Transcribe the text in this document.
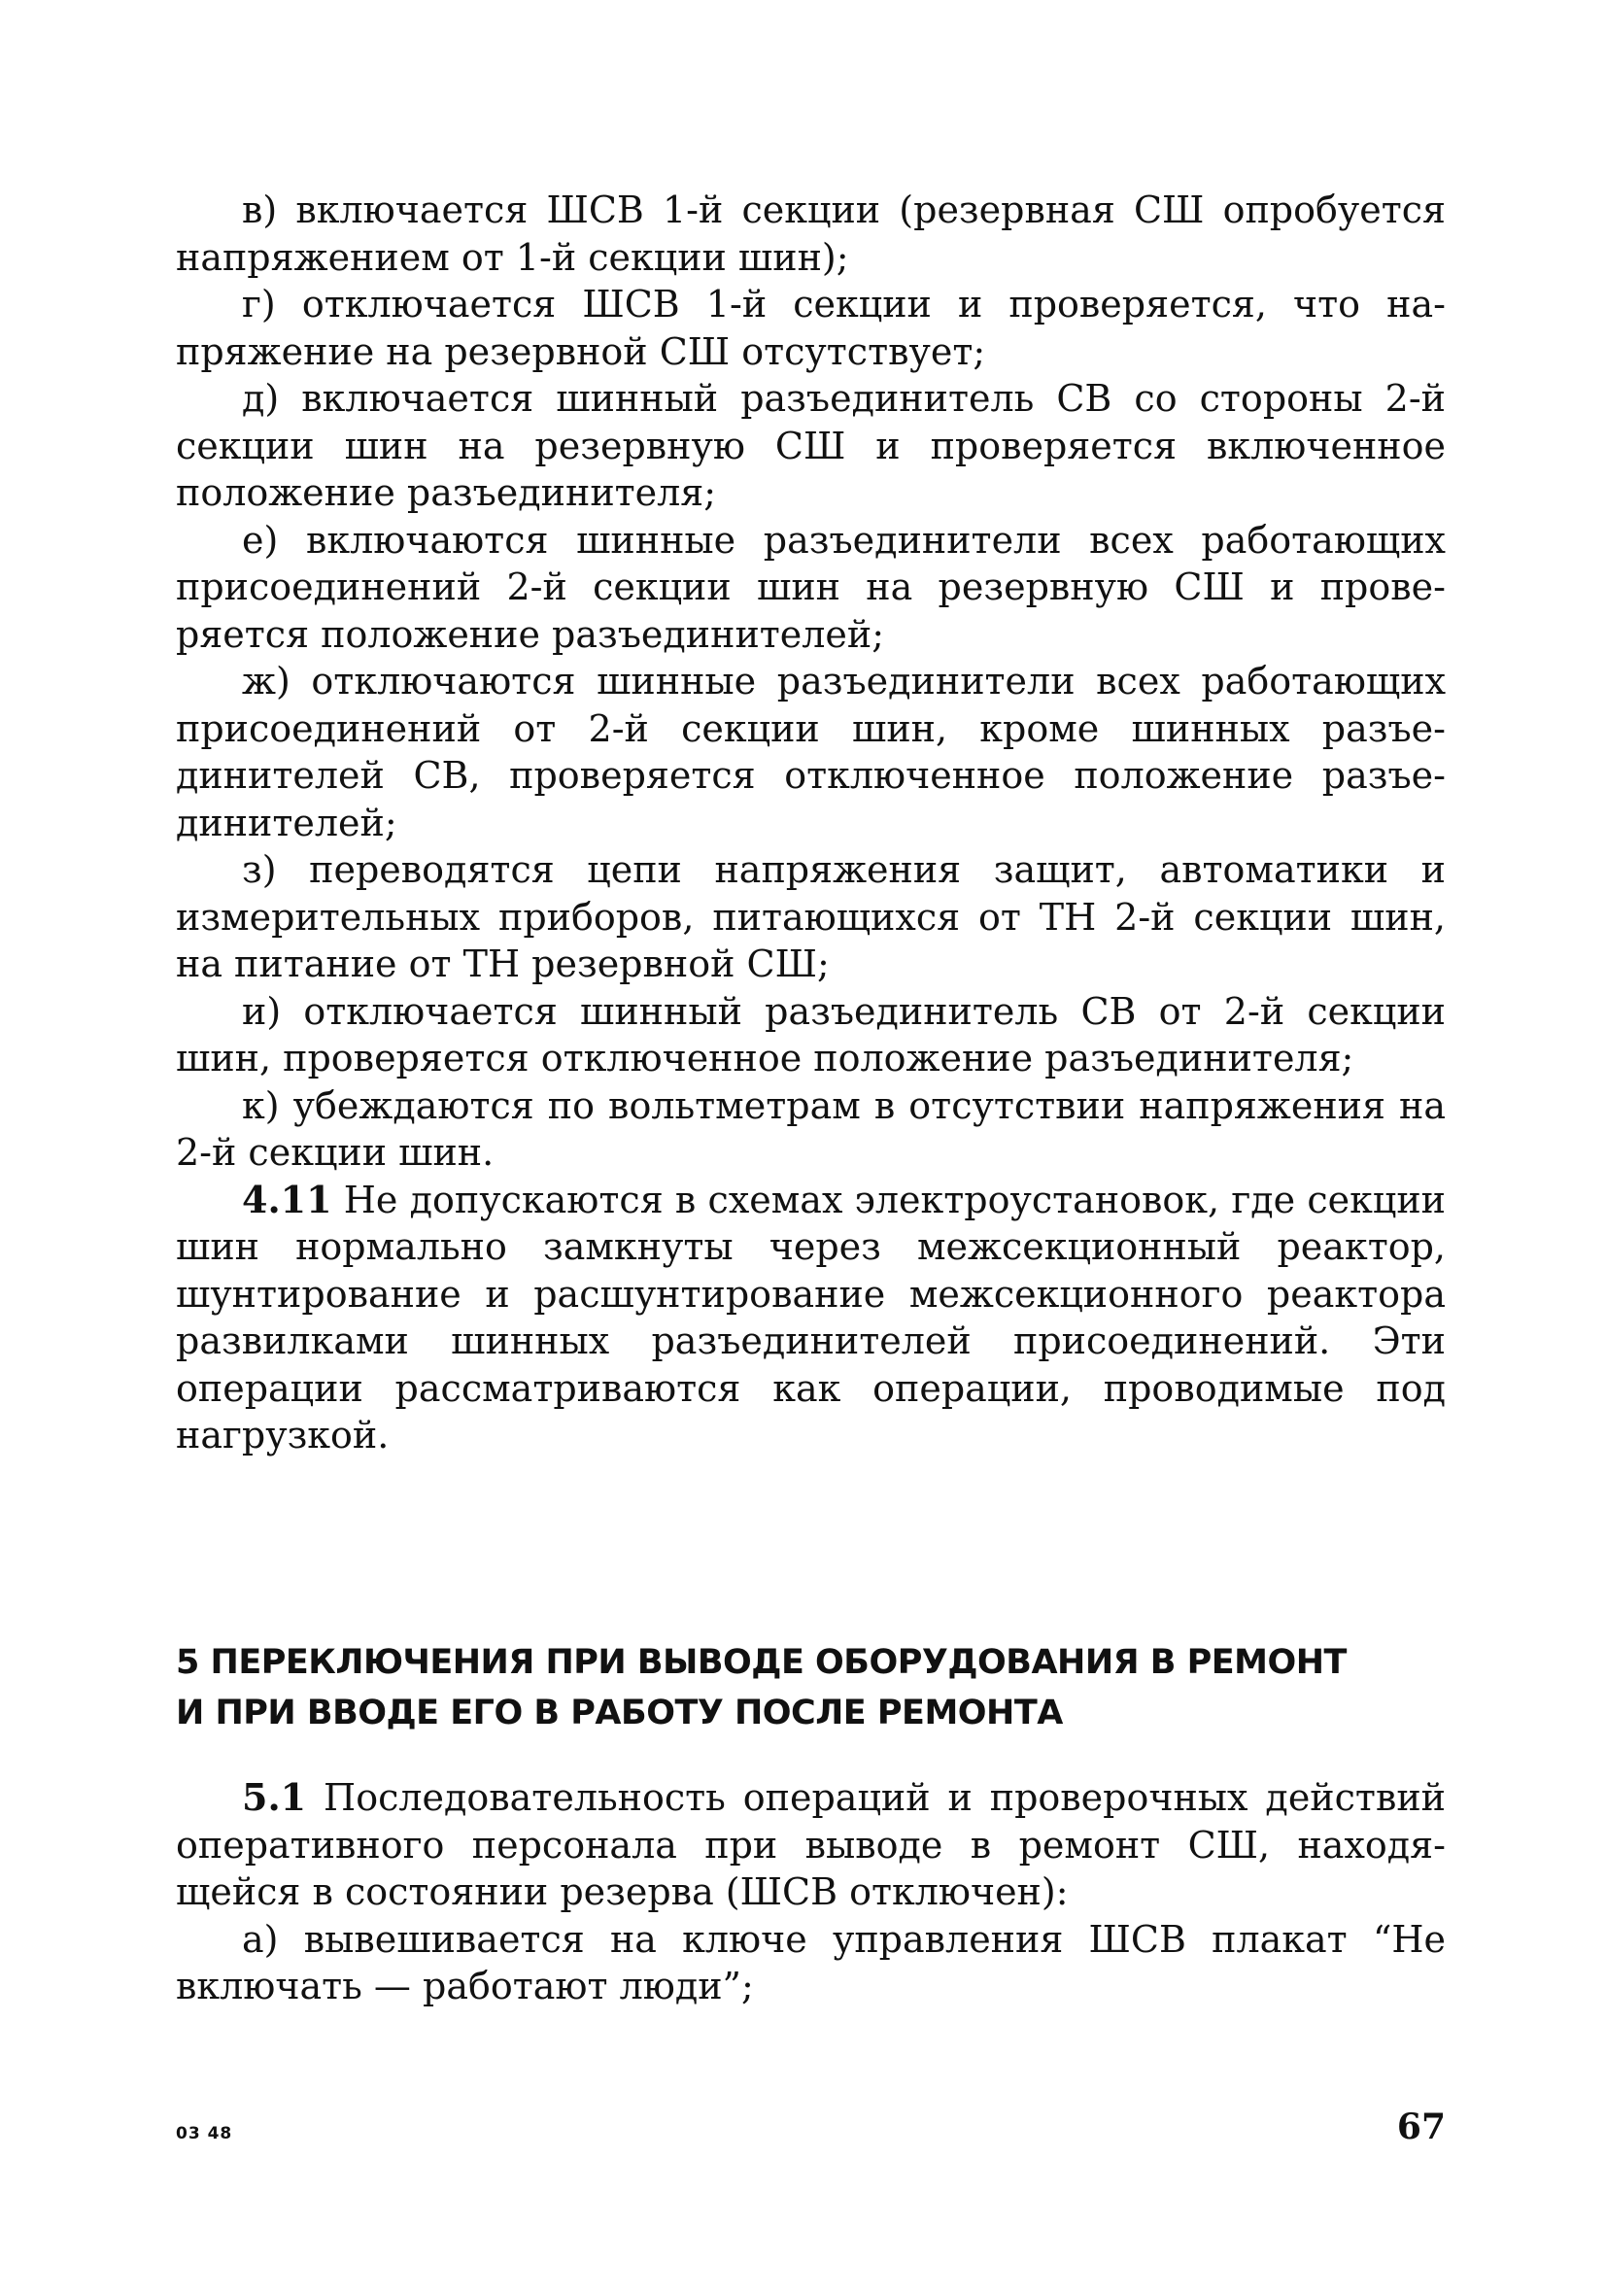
в) включается ШСВ 1-й секции (резервная СШ опробуется напряжением от 1-й секции шин);

г) отключается ШСВ 1-й секции и проверяется, что напряжение на резервной СШ отсутствует;

д) включается шинный разъединитель СВ со стороны 2-й секции шин на резервную СШ и проверяется включенное положение разъединителя;

е) включаются шинные разъединители всех работающих присоединений 2-й секции шин на резервную СШ и проверяется положение разъединителей;

ж) отключаются шинные разъединители всех работающих присоединений от 2-й секции шин, кроме шинных разъединителей СВ, проверяется отключенное положение разъединителей;

з) переводятся цепи напряжения защит, автоматики и измерительных приборов, питающихся от ТН 2-й секции шин, на питание от ТН резервной СШ;

и) отключается шинный разъединитель СВ от 2-й секции шин, проверяется отключенное положение разъединителя;

к) убеждаются по вольтметрам в отсутствии напряжения на 2-й секции шин.

4.11 Не допускаются в схемах электроустановок, где секции шин нормально замкнуты через межсекционный реактор, шунтирование и расшунтирование межсекционного реактора развилками шинных разъединителей присоединений. Эти операции рассматриваются как операции, проводимые под нагрузкой.

5 ПЕРЕКЛЮЧЕНИЯ ПРИ ВЫВОДЕ ОБОРУДОВАНИЯ В РЕМОНТ
И ПРИ ВВОДЕ ЕГО В РАБОТУ ПОСЛЕ РЕМОНТА

5.1 Последовательность операций и проверочных действий оперативного персонала при выводе в ремонт СШ, находящейся в состоянии резерва (ШСВ отключен):

а) вывешивается на ключе управления ШСВ плакат “Не включать — работают люди”;

03 48	67
